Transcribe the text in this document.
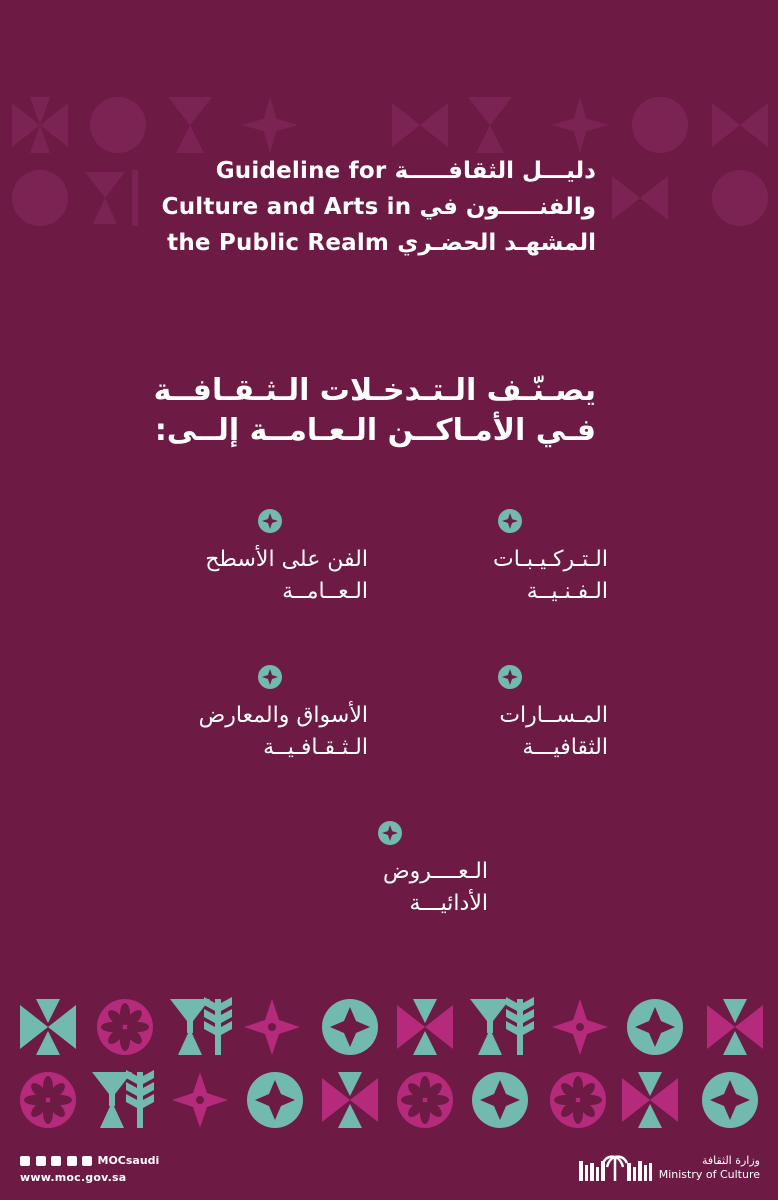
Guideline for دليـــل الثقافـــــة
Culture and Arts in والفنـــــون في
the Public Realm المشهـد الحضـري
يصـنّـف الـتـدخـلات الـثـقـافــة
فـي الأمـاكــن الـعـامــة إلــى:
الـتـركـيـبـات
الـفـنـيــة
الفن على الأسطح
الـعــامــة
المـســارات
الثقافيـــة
الأسواق والمعارض
الـثـقـافـيــة
الـعــــروض
الأدائيـــة
MOCsaudi
www.moc.gov.sa
وزارة الثقافة
Ministry of Culture
